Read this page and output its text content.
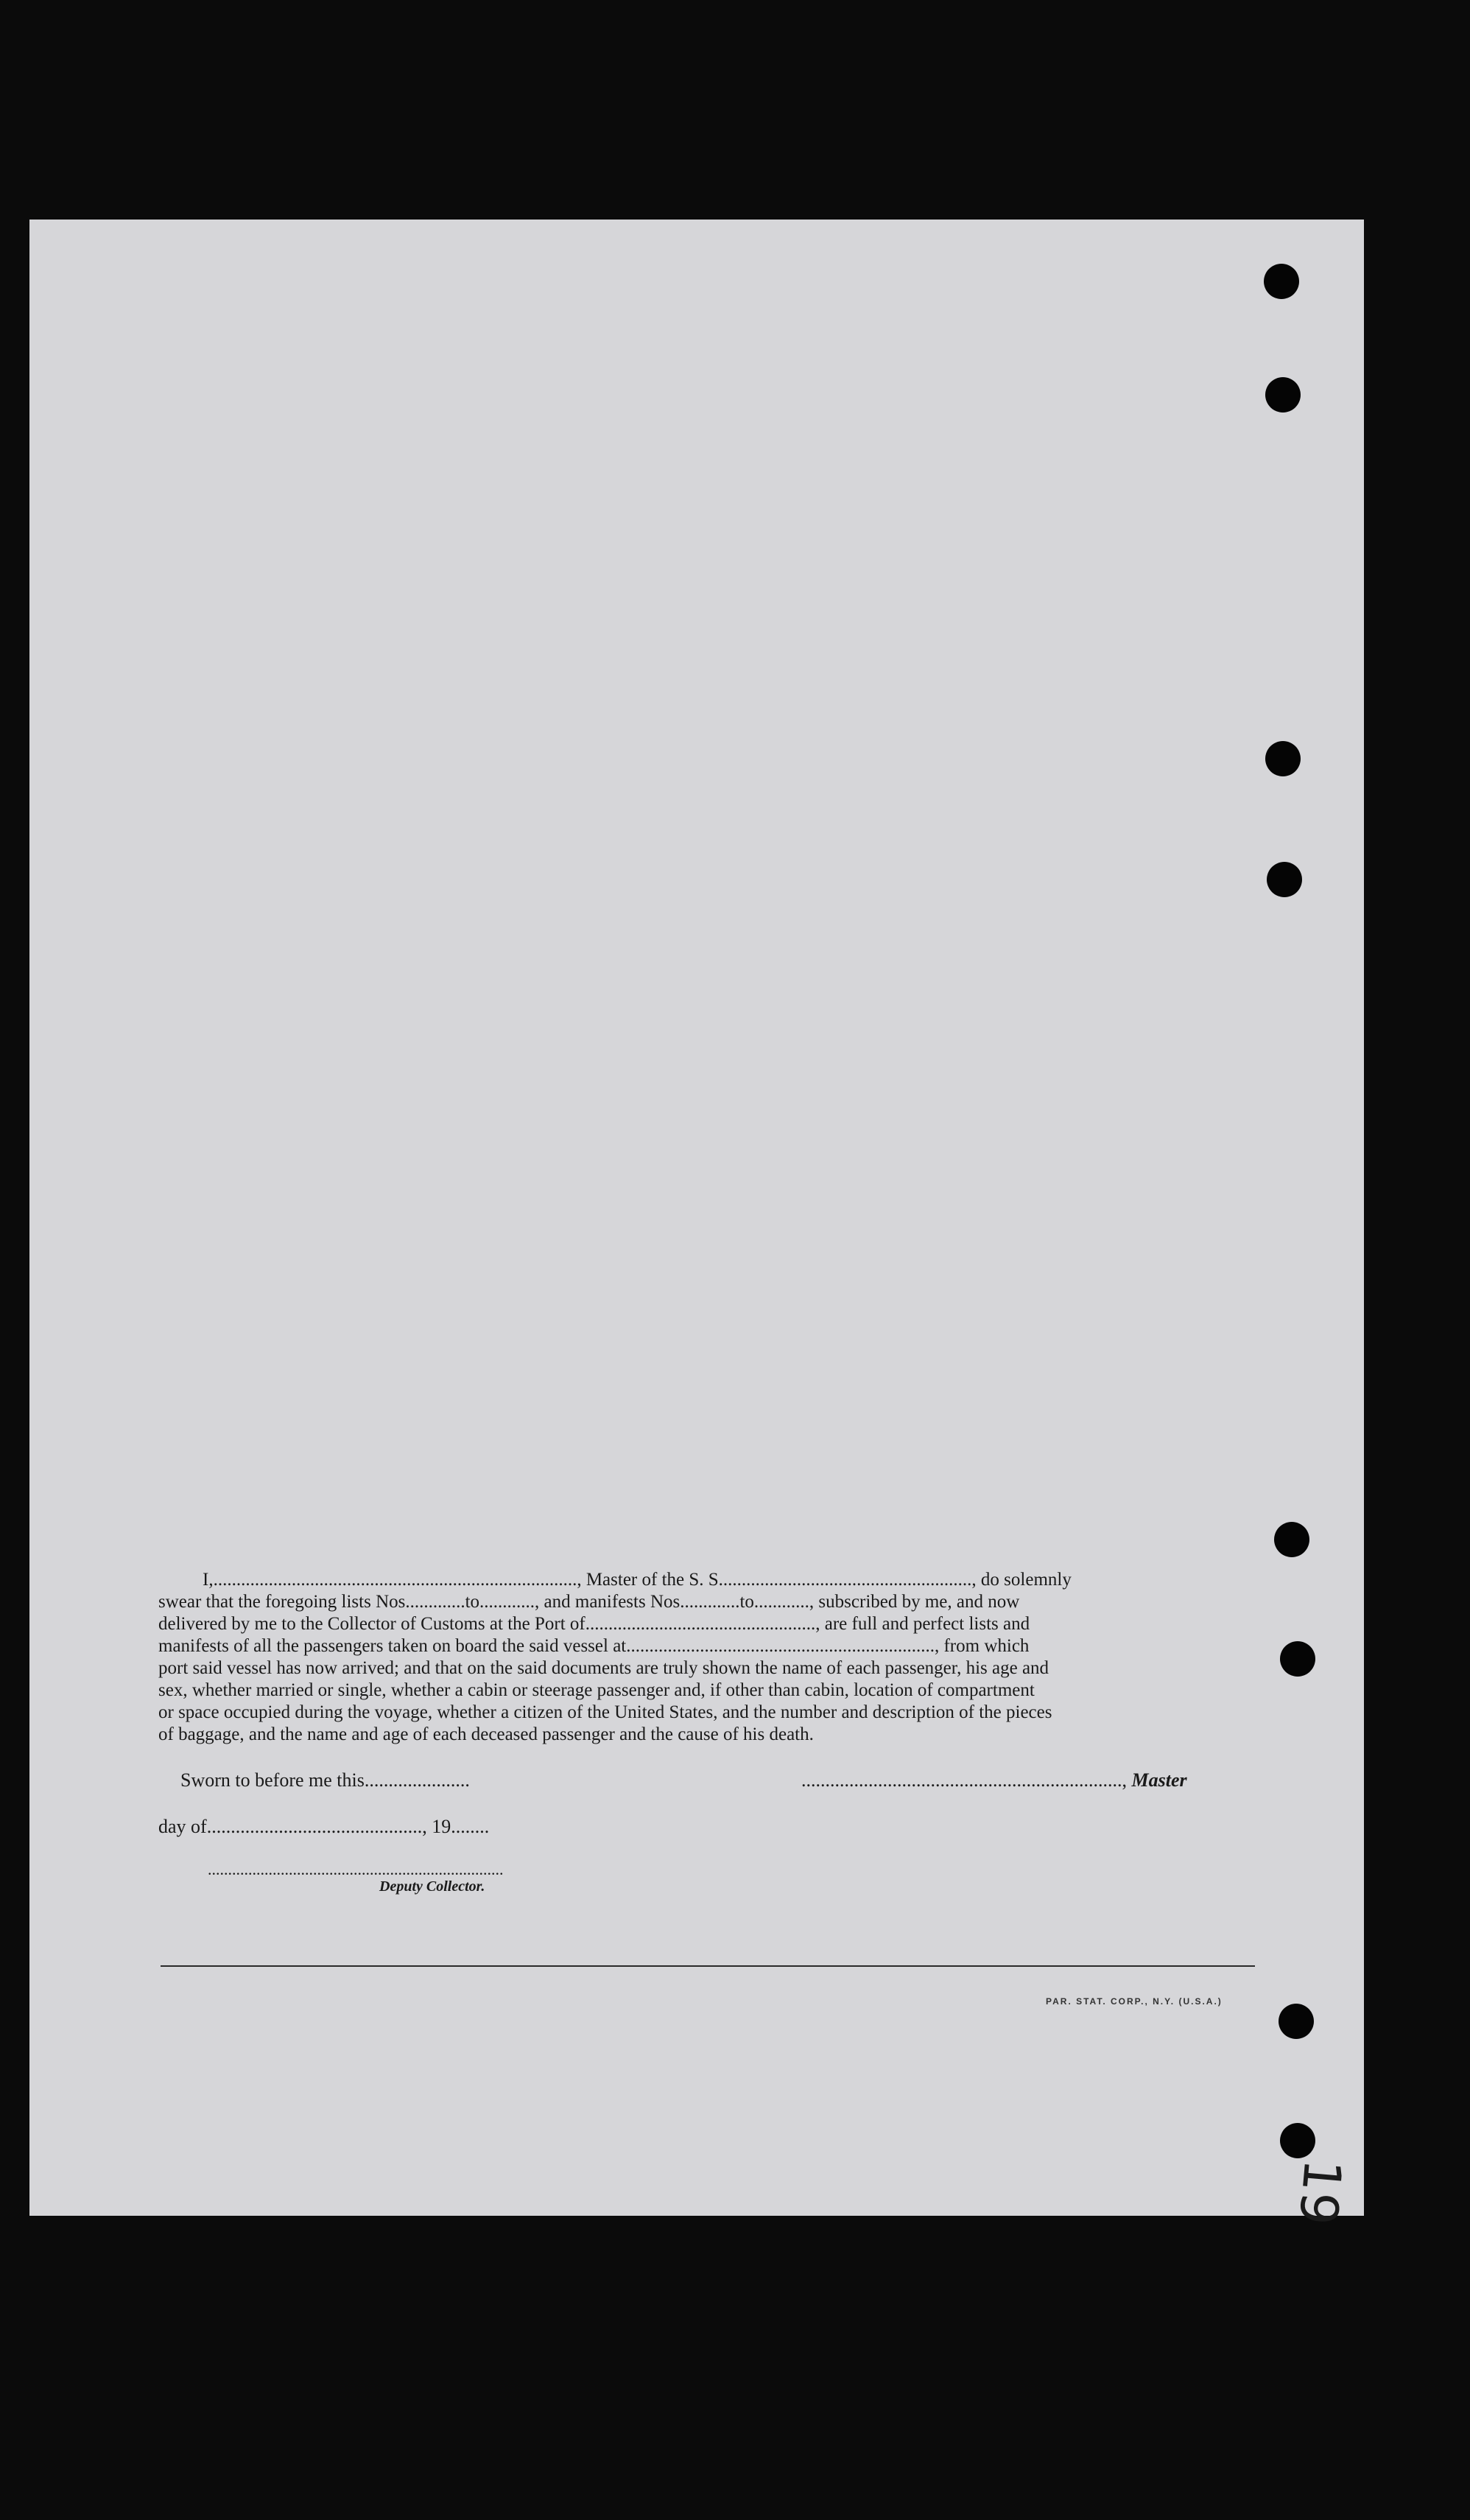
I,..............................................................................., Master of the S. S......................................................., do solemnly
swear that the foregoing lists Nos.............to............, and manifests Nos.............to............, subscribed by me, and now
delivered by me to the Collector of Customs at the Port of.................................................., are full and perfect lists and
manifests of all the passengers taken on board the said vessel at..................................................................., from which
port said vessel has now arrived; and that on the said documents are truly shown the name of each passenger, his age and
sex, whether married or single, whether a cabin or steerage passenger and, if other than cabin, location of compartment
or space occupied during the voyage, whether a citizen of the United States, and the number and description of the pieces
of baggage, and the name and age of each deceased passenger and the cause of his death.
Sworn to before me this......................	..................................................................., Master
day of............................................., 19........
.........................................................................
Deputy Collector.
PAR. STAT. CORP., N.Y. (U.S.A.)
19
